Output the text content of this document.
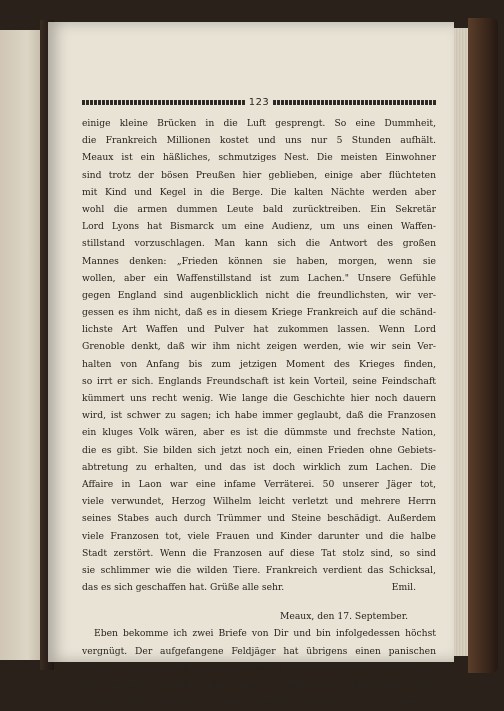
123
einige kleine Brücken in die Luft gesprengt. So eine Dummheit,
die Frankreich Millionen kostet und uns nur 5 Stunden aufhält.
Meaux ist ein häßliches, schmutziges Nest. Die meisten Einwohner
sind trotz der bösen Preußen hier geblieben, einige aber flüchteten
mit Kind und Kegel in die Berge. Die kalten Nächte werden aber
wohl die armen dummen Leute bald zurücktreiben. Ein Sekretär
Lord Lyons hat Bismarck um eine Audienz, um uns einen Waffen-
stillstand vorzuschlagen. Man kann sich die Antwort des großen
Mannes denken: „Frieden können sie haben, morgen, wenn sie
wollen, aber ein Waffenstillstand ist zum Lachen." Unsere Gefühle
gegen England sind augenblicklich nicht die freundlichsten, wir ver-
gessen es ihm nicht, daß es in diesem Kriege Frankreich auf die schänd-
lichste Art Waffen und Pulver hat zukommen lassen. Wenn Lord
Grenoble denkt, daß wir ihm nicht zeigen werden, wie wir sein Ver-
halten von Anfang bis zum jetzigen Moment des Krieges finden,
so irrt er sich. Englands Freundschaft ist kein Vorteil, seine Feindschaft
kümmert uns recht wenig. Wie lange die Geschichte hier noch dauern
wird, ist schwer zu sagen; ich habe immer geglaubt, daß die Franzosen
ein kluges Volk wären, aber es ist die dümmste und frechste Nation,
die es gibt. Sie bilden sich jetzt noch ein, einen Frieden ohne Gebiets-
abtretung zu erhalten, und das ist doch wirklich zum Lachen. Die
Affaire in Laon war eine infame Verräterei. 50 unserer Jäger tot,
viele verwundet, Herzog Wilhelm leicht verletzt und mehrere Herrn
seines Stabes auch durch Trümmer und Steine beschädigt. Außerdem
viele Franzosen tot, viele Frauen und Kinder darunter und die halbe
Stadt zerstört. Wenn die Franzosen auf diese Tat stolz sind, so sind
sie schlimmer wie die wilden Tiere. Frankreich verdient das Schicksal,
das es sich geschaffen hat. Grüße alle sehr.	Emil.
Meaux, den 17. September.
Eben bekomme ich zwei Briefe von Dir und bin infolgedessen höchst
vergnügt. Der aufgefangene Feldjäger hat übrigens einen panischen
Schreck hier verursacht, denn es können doch tolle Briefe in die Hände
der Franzosen gefallen sein, die sie jedenfalls veröffentlichen. Bei
meinem Brief glaube ich keine weiteren Befürchtungen haben zu
